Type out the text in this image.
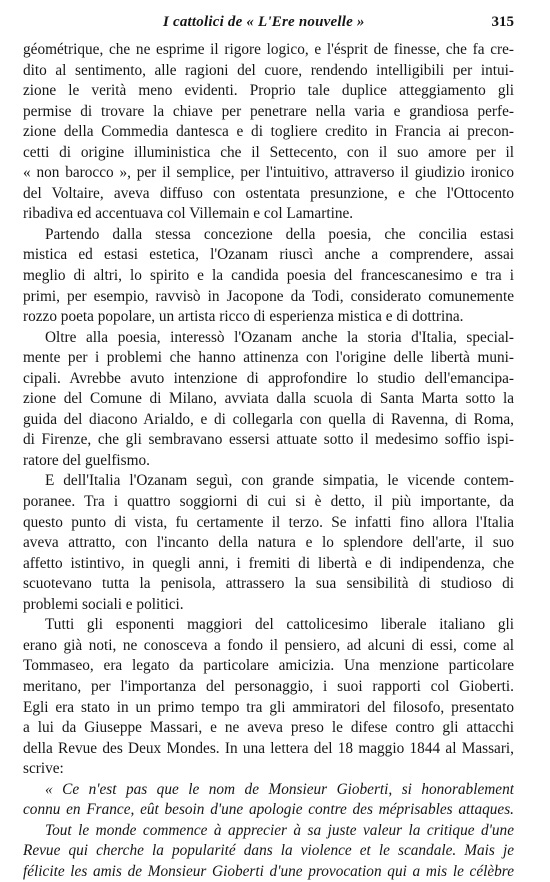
I cattolici de « L'Ere nouvelle »	315
géométrique, che ne esprime il rigore logico, e l'ésprit de finesse, che fa cre-
dito al sentimento, alle ragioni del cuore, rendendo intelligibili per intui-
zione le verità meno evidenti. Proprio tale duplice atteggiamento gli
permise di trovare la chiave per penetrare nella varia e grandiosa perfe-
zione della Commedia dantesca e di togliere credito in Francia ai precon-
cetti di origine illuministica che il Settecento, con il suo amore per il
« non barocco », per il semplice, per l'intuitivo, attraverso il giudizio ironico
del Voltaire, aveva diffuso con ostentata presunzione, e che l'Ottocento
ribadiva ed accentuava col Villemain e col Lamartine.
Partendo dalla stessa concezione della poesia, che concilia estasi
mistica ed estasi estetica, l'Ozanam riuscì anche a comprendere, assai
meglio di altri, lo spirito e la candida poesia del francescanesimo e tra i
primi, per esempio, ravvisò in Jacopone da Todi, considerato comunemente
rozzo poeta popolare, un artista ricco di esperienza mistica e di dottrina.
Oltre alla poesia, interessò l'Ozanam anche la storia d'Italia, special-
mente per i problemi che hanno attinenza con l'origine delle libertà muni-
cipali. Avrebbe avuto intenzione di approfondire lo studio dell'emancipa-
zione del Comune di Milano, avviata dalla scuola di Santa Marta sotto la
guida del diacono Arialdo, e di collegarla con quella di Ravenna, di Roma,
di Firenze, che gli sembravano essersi attuate sotto il medesimo soffio ispi-
ratore del guelfismo.
E dell'Italia l'Ozanam seguì, con grande simpatia, le vicende contem-
poranee. Tra i quattro soggiorni di cui si è detto, il più importante, da
questo punto di vista, fu certamente il terzo. Se infatti fino allora l'Italia
aveva attratto, con l'incanto della natura e lo splendore dell'arte, il suo
affetto istintivo, in quegli anni, i fremiti di libertà e di indipendenza, che
scuotevano tutta la penisola, attrassero la sua sensibilità di studioso di
problemi sociali e politici.
Tutti gli esponenti maggiori del cattolicesimo liberale italiano gli
erano già noti, ne conosceva a fondo il pensiero, ad alcuni di essi, come al
Tommaseo, era legato da particolare amicizia. Una menzione particolare
meritano, per l'importanza del personaggio, i suoi rapporti col Gioberti.
Egli era stato in un primo tempo tra gli ammiratori del filosofo, presentato
a lui da Giuseppe Massari, e ne aveva preso le difese contro gli attacchi
della Revue des Deux Mondes. In una lettera del 18 maggio 1844 al Massari,
scrive:
« Ce n'est pas que le nom de Monsieur Gioberti, si honorablement
connu en France, eût besoin d'une apologie contre des méprisables attaques.
Tout le monde commence à apprecier à sa juste valeur la critique d'une
Revue qui cherche la popularité dans la violence et le scandale. Mais je
félicite les amis de Monsieur Gioberti d'une provocation qui a mis le célèbre
